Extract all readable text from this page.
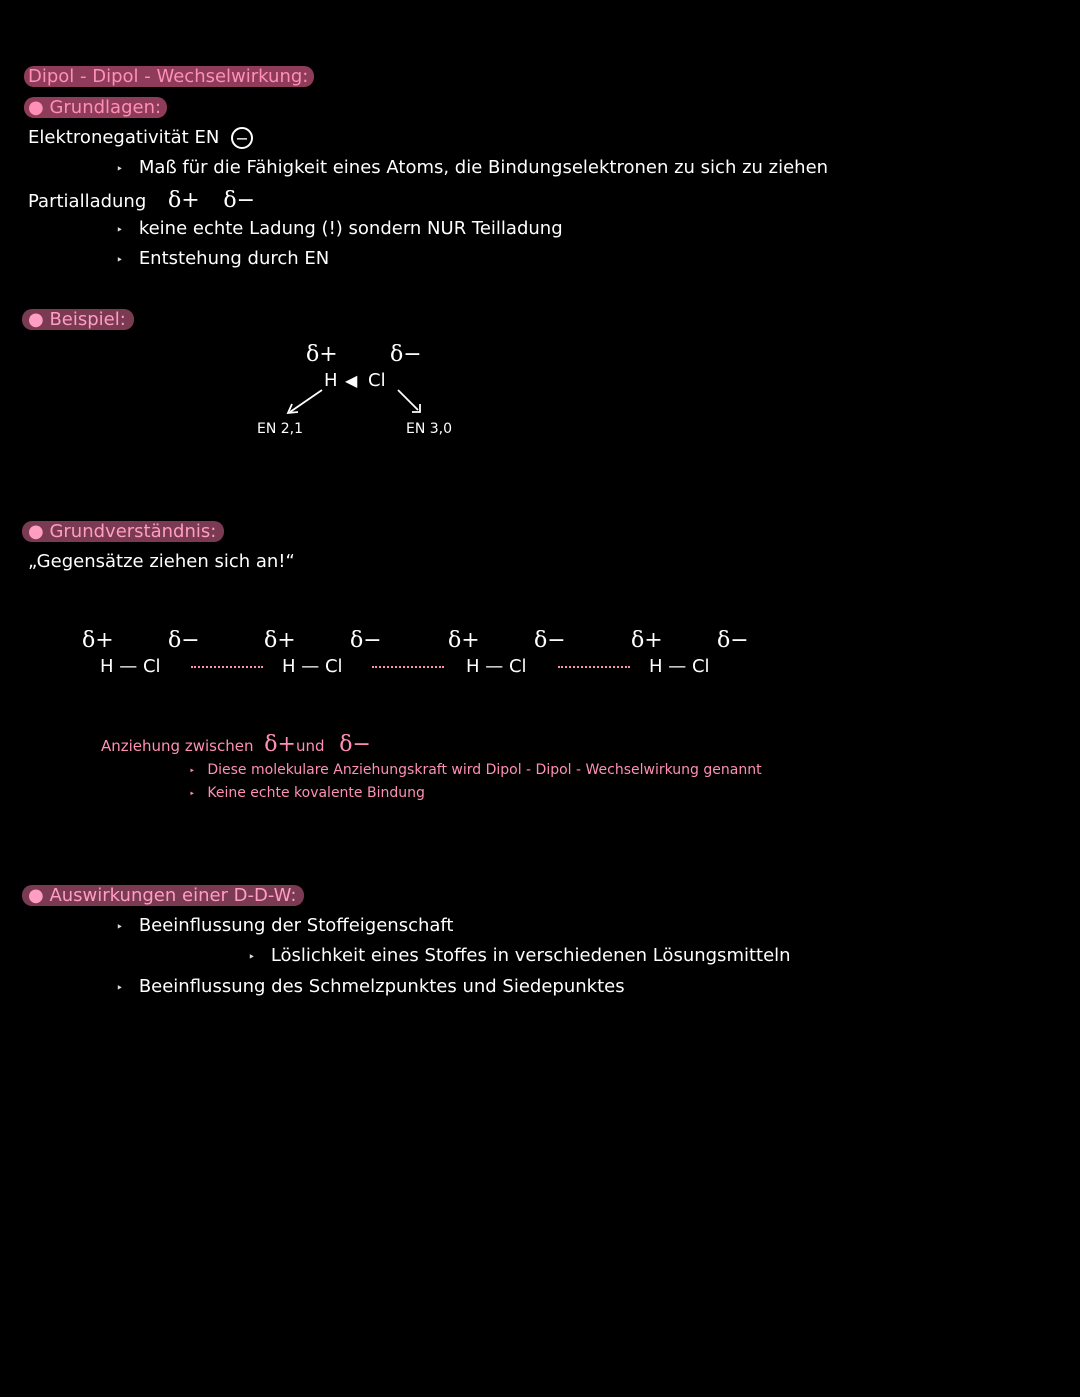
Dipol - Dipol - Wechselwirkung:
● Grundlagen:
Elektronegativität EN −
‣ Maß für die Fähigkeit eines Atoms, die Bindungselektronen zu sich zu ziehen
Partialladung δ+ δ−
‣ keine echte Ladung (!) sondern NUR Teilladung
‣ Entstehung durch EN
● Beispiel:
δ+ δ−
H ◀ Cl
EN 2,1	EN 3,0
● Grundverständnis:
„Gegensätze ziehen sich an!“
δ+ δ−
H — Cl
δ+ δ−
H — Cl
δ+ δ−
H — Cl
δ+ δ−
H — Cl
Anziehung zwischen δ+und δ−
‣ Diese molekulare Anziehungskraft wird Dipol - Dipol - Wechselwirkung genannt
‣ Keine echte kovalente Bindung
● Auswirkungen einer D-D-W:
‣ Beeinflussung der Stoffeigenschaft
‣ Löslichkeit eines Stoffes in verschiedenen Lösungsmitteln
‣ Beeinflussung des Schmelzpunktes und Siedepunktes
